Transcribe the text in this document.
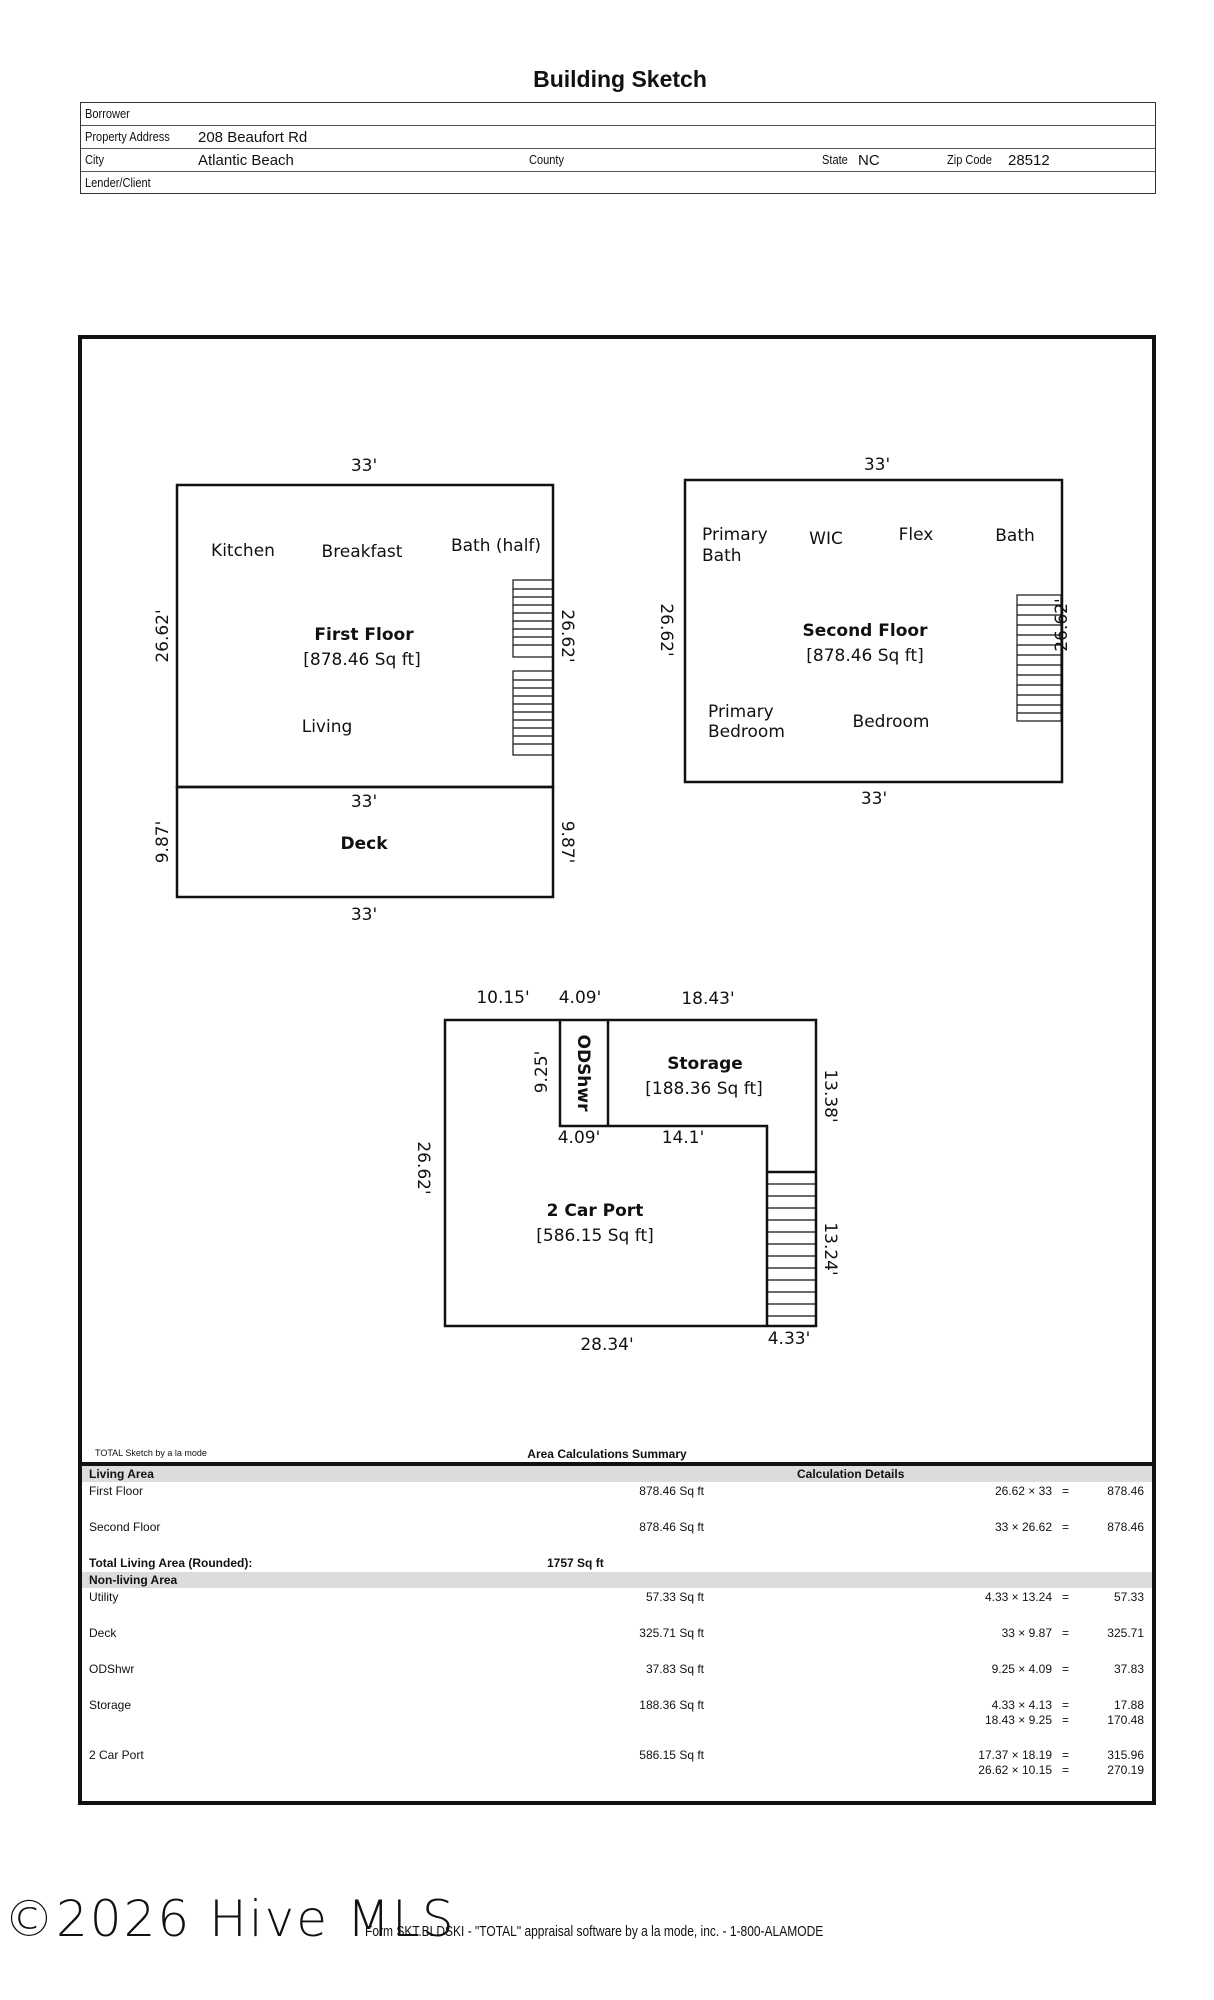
Building Sketch
Borrower
Property Address 208 Beaufort Rd
City	Atlantic Beach	County	State NC	Zip Code 28512
Lender/Client
33'
Kitchen	Breakfast	Bath (half)
First Floor
[878.46 Sq ft]
Living
26.62'	26.62'
33'
Deck
9.87'	9.87'
33'
33'
Primary
Bath
WIC	Flex	Bath
Second Floor
[878.46 Sq ft]
Primary
Bedroom	Bedroom
26.62'	26.62'
33'
10.15' 4.09'	18.43'
9.25' ODShwr	Storage
[188.36 Sq ft]	13.38'
4.09'	14.1'
26.62'
2 Car Port
[586.15 Sq ft]	13.24'
28.34'	4.33'
TOTAL Sketch by a la mode	Area Calculations Summary
Living Area	Calculation Details
First Floor	878.46 Sq ft	26.62 × 33 =	878.46
Second Floor	878.46 Sq ft	33 × 26.62 =	878.46
Total Living Area (Rounded):	1757 Sq ft
Non-living Area
Utility	57.33 Sq ft	4.33 × 13.24 =	57.33
Deck	325.71 Sq ft	33 × 9.87 =	325.71
ODShwr	37.83 Sq ft	9.25 × 4.09 =	37.83
Storage	188.36 Sq ft	4.33 × 4.13 =	17.88
18.43 × 9.25 =	170.48
2 Car Port	586.15 Sq ft	17.37 × 18.19 =	315.96
26.62 × 10.15 =	270.19
©2026 Hive MLS
Form SKT.BLDSKI - "TOTAL" appraisal software by a la mode, inc. - 1-800-ALAMODE
